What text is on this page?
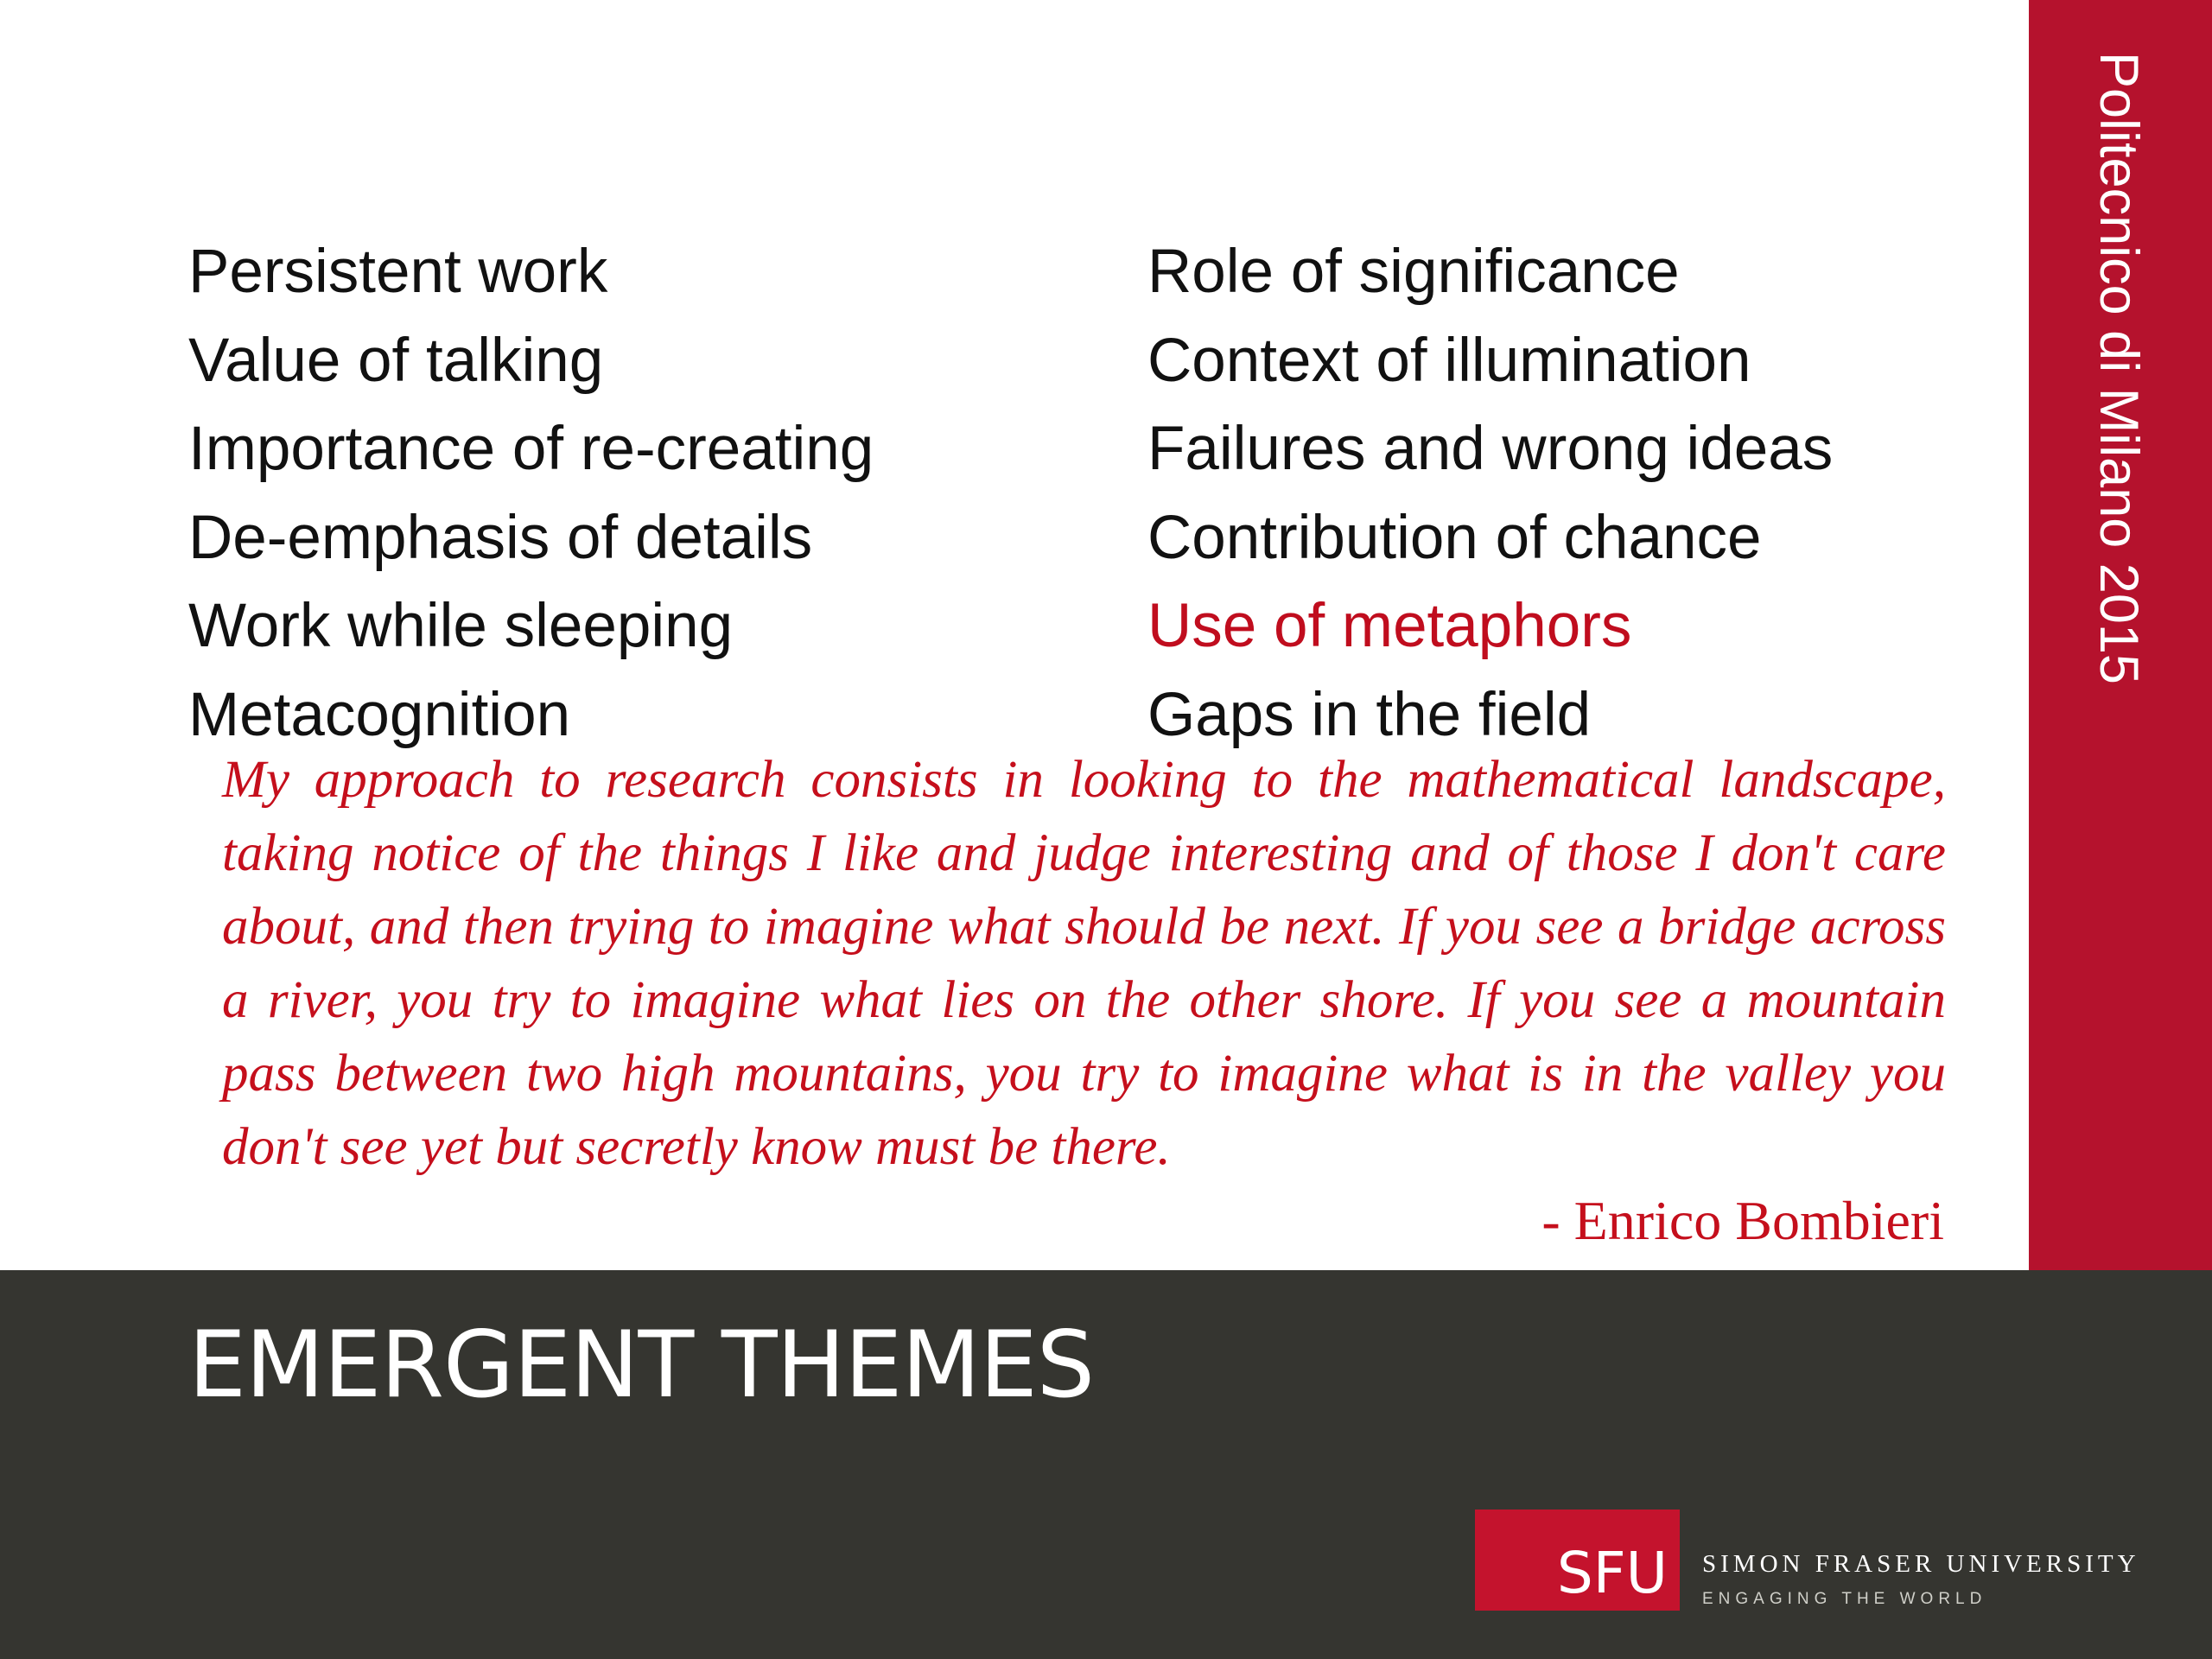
Politecnico di Milano 2015
Persistent work
Value of talking
Importance of re-creating
De-emphasis of details
Work while sleeping
Metacognition
Role of significance
Context of illumination
Failures and wrong ideas
Contribution of chance
Use of metaphors
Gaps in the field
My approach to research consists in looking to the mathematical landscape, taking notice of the things I like and judge interesting and of those I don't care about, and then trying to imagine what should be next. If you see a bridge across a river, you try to imagine what lies on the other shore. If you see a mountain pass between two high mountains, you try to imagine what is in the valley you don't see yet but secretly know must be there.
- Enrico Bombieri
EMERGENT THEMES
SFU SIMON FRASER UNIVERSITY
ENGAGING THE WORLD
